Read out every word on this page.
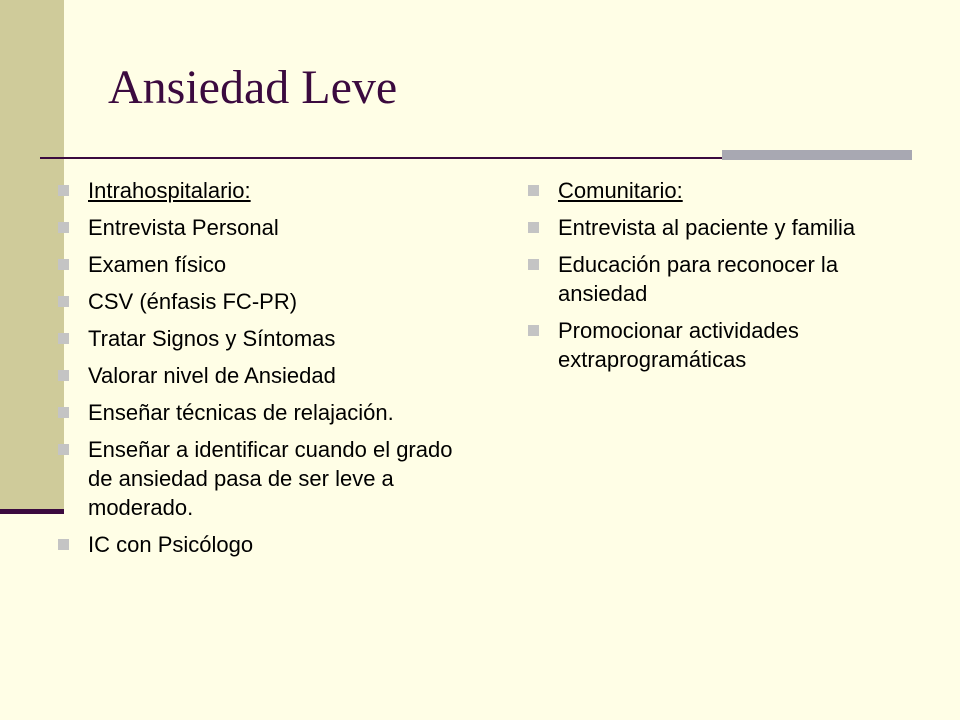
Ansiedad Leve
Intrahospitalario:
Entrevista Personal
Examen físico
CSV (énfasis FC-PR)
Tratar Signos y Síntomas
Valorar nivel de Ansiedad
Enseñar técnicas de relajación.
Enseñar a identificar cuando el grado de ansiedad pasa de ser leve a moderado.
IC con Psicólogo
Comunitario:
Entrevista al paciente y familia
Educación para reconocer la ansiedad
Promocionar actividades extraprogramáticas
